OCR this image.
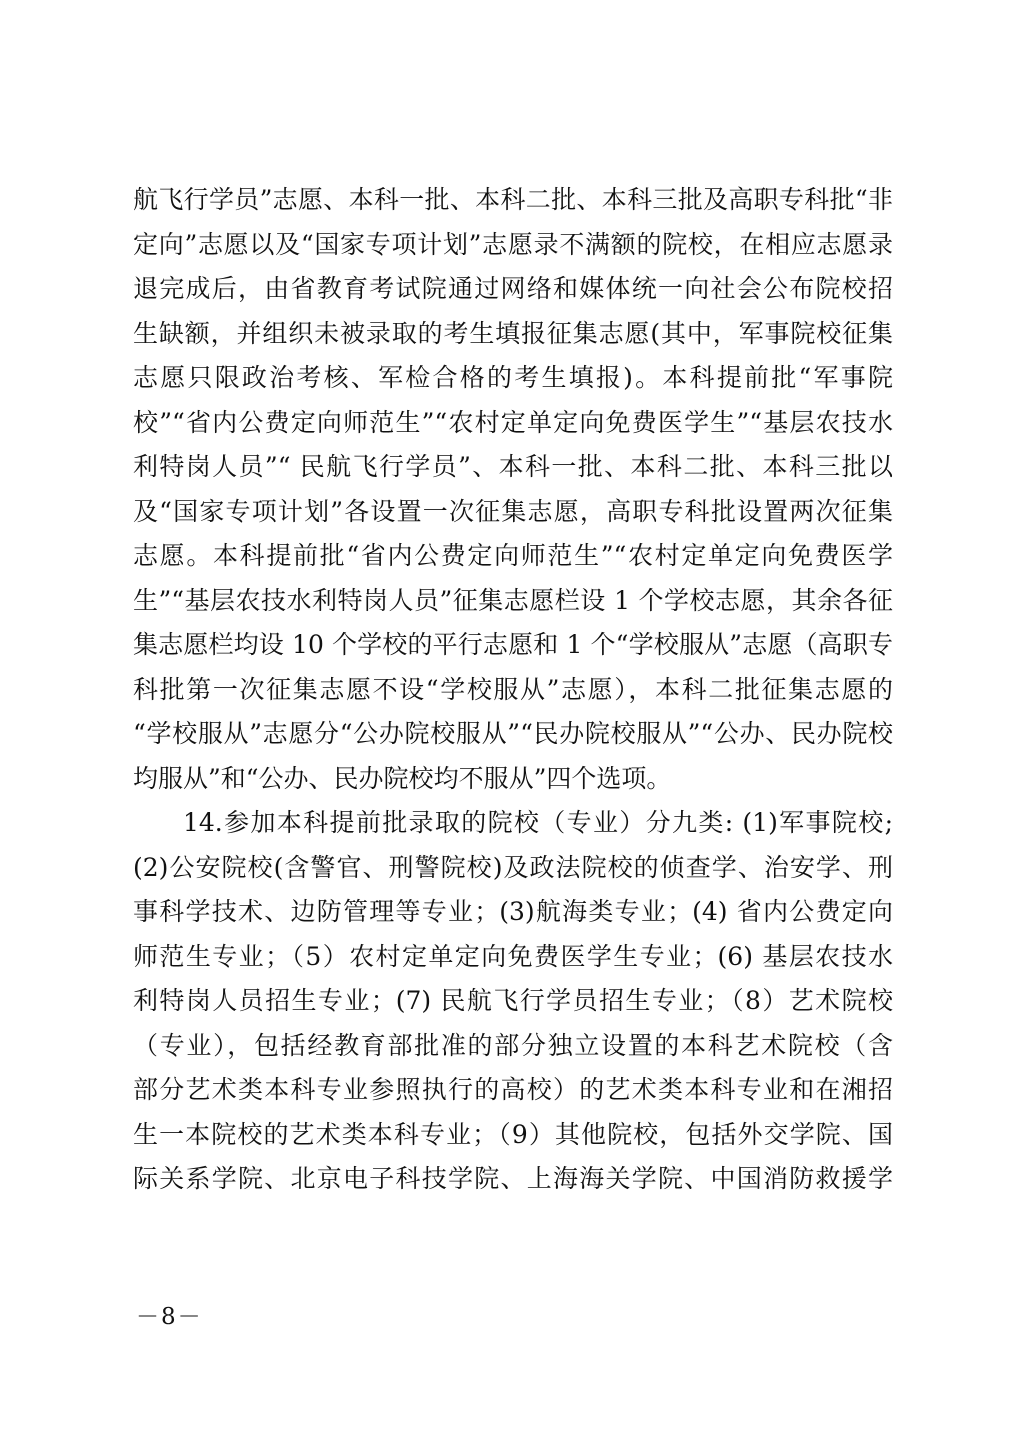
航飞行学员”志愿、本科一批、本科二批、本科三批及高职专科批“非
定向”志愿以及“国家专项计划”志愿录不满额的院校，在相应志愿录
退完成后，由省教育考试院通过网络和媒体统一向社会公布院校招
生缺额，并组织未被录取的考生填报征集志愿(其中，军事院校征集
志愿只限政治考核、军检合格的考生填报)。本科提前批“军事院
校”“省内公费定向师范生”“农村定单定向免费医学生”“基层农技水
利特岗人员”“ 民航飞行学员”、本科一批、本科二批、本科三批以
及“国家专项计划”各设置一次征集志愿，高职专科批设置两次征集
志愿。本科提前批“省内公费定向师范生”“农村定单定向免费医学
生”“基层农技水利特岗人员”征集志愿栏设 1 个学校志愿，其余各征
集志愿栏均设 10 个学校的平行志愿和 1 个“学校服从”志愿（高职专
科批第一次征集志愿不设“学校服从”志愿），本科二批征集志愿的
“学校服从”志愿分“公办院校服从”“民办院校服从”“公办、民办院校
均服从”和“公办、民办院校均不服从”四个选项。
14.参加本科提前批录取的院校（专业）分九类: (1)军事院校;
(2)公安院校(含警官、刑警院校)及政法院校的侦查学、治安学、刑
事科学技术、边防管理等专业；(3)航海类专业；(4) 省内公费定向
师范生专业；（5）农村定单定向免费医学生专业；(6) 基层农技水
利特岗人员招生专业；(7) 民航飞行学员招生专业；（8）艺术院校
（专业），包括经教育部批准的部分独立设置的本科艺术院校（含
部分艺术类本科专业参照执行的高校）的艺术类本科专业和在湘招
生一本院校的艺术类本科专业；（9）其他院校，包括外交学院、国
际关系学院、北京电子科技学院、上海海关学院、中国消防救援学
－8－
